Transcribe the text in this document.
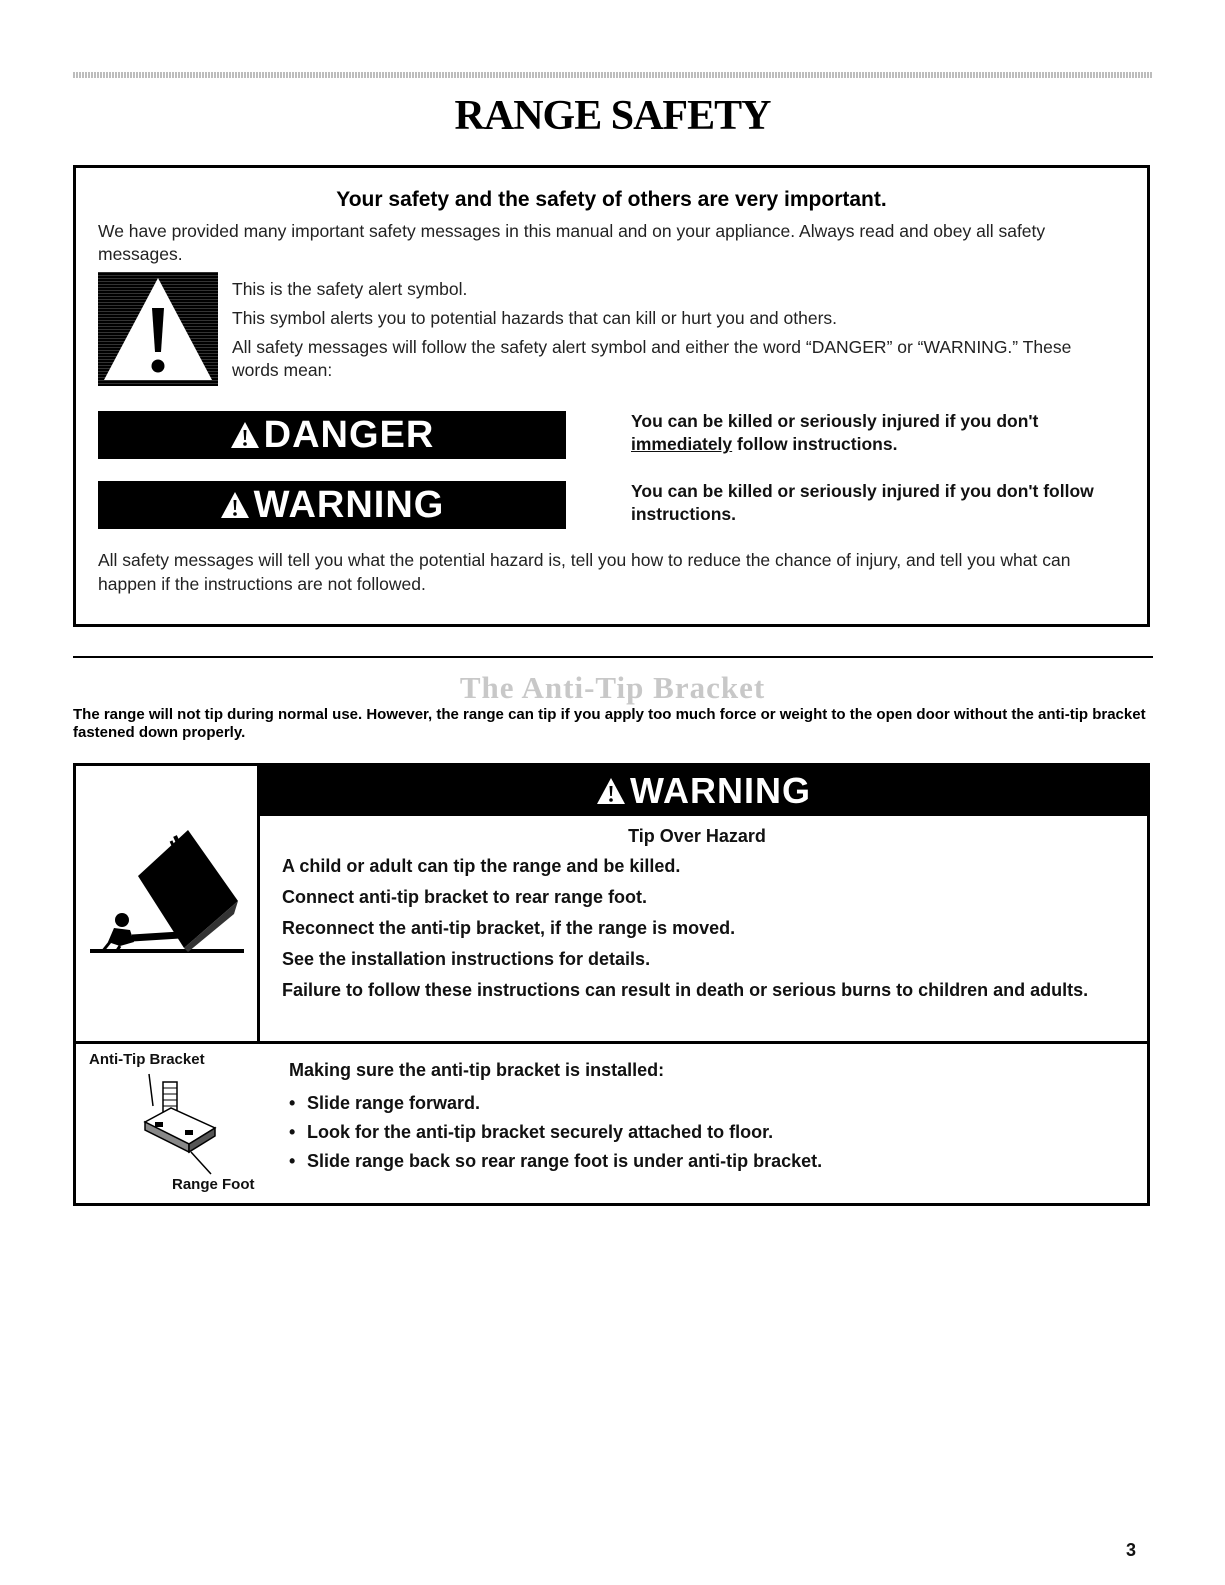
RANGE SAFETY
Your safety and the safety of others are very important.

We have provided many important safety messages in this manual and on your appliance. Always read and obey all safety messages.

This is the safety alert symbol.

This symbol alerts you to potential hazards that can kill or hurt you and others.

All safety messages will follow the safety alert symbol and either the word “DANGER” or “WARNING.” These words mean:

DANGER	You can be killed or seriously injured if you don't
immediately follow instructions.

WARNING	You can be killed or seriously injured if you don't follow instructions.

All safety messages will tell you what the potential hazard is, tell you how to reduce the chance of injury, and tell you what can happen if the instructions are not followed.

The Anti-Tip Bracket

The range will not tip during normal use. However, the range can tip if you apply too much force or weight to the open door without the anti-tip bracket fastened down properly.

WARNING

Tip Over Hazard

A child or adult can tip the range and be killed.

Connect anti-tip bracket to rear range foot.

Reconnect the anti-tip bracket, if the range is moved.

See the installation instructions for details.

Failure to follow these instructions can result in death or serious burns to children and adults.

Anti-Tip Bracket

Range Foot

Making sure the anti-tip bracket is installed:

• Slide range forward.
• Look for the anti-tip bracket securely attached to floor.
• Slide range back so rear range foot is under anti-tip bracket.

3
